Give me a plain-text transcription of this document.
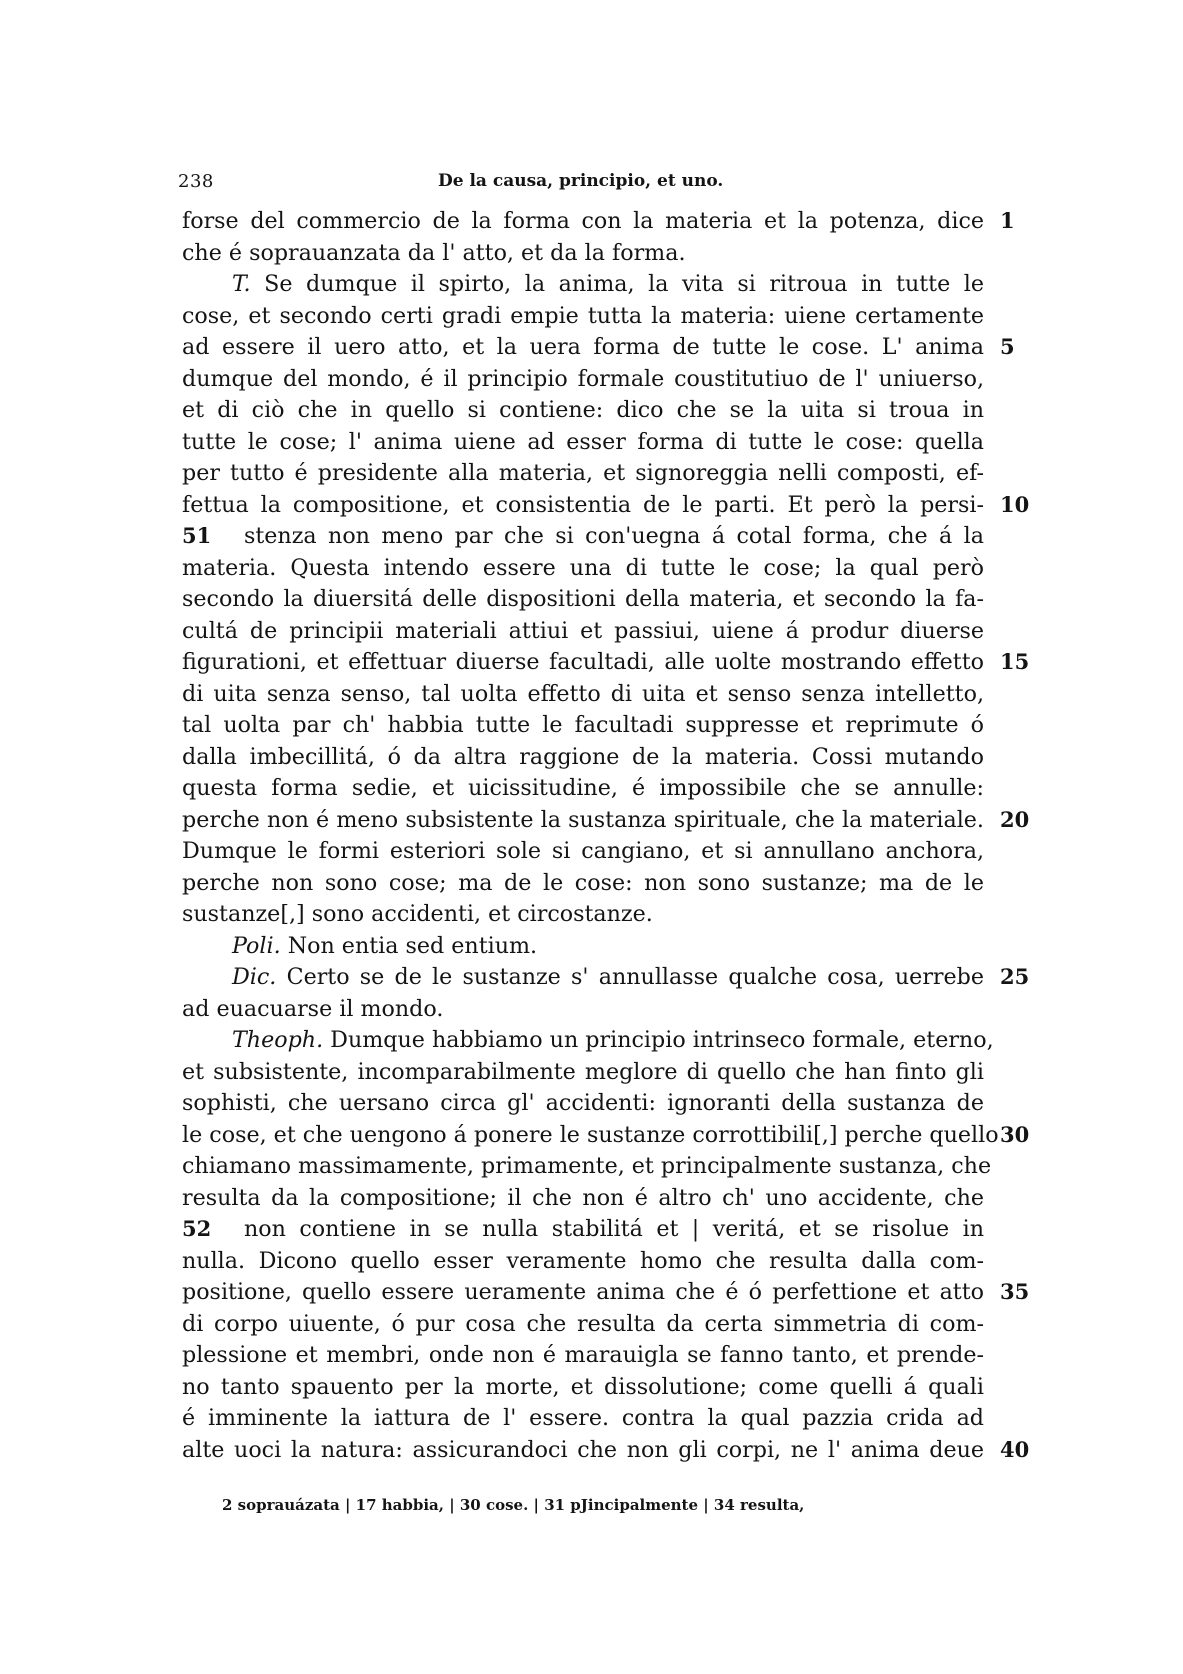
238	De la causa, principio, et uno.
forse del commercio de la forma con la materia et la potenza, dice 1
che é soprauanzata da l' atto, et da la forma.
T. Se dumque il spirto, la anima, la vita si ritroua in tutte le
cose, et secondo certi gradi empie tutta la materia: uiene certamente
ad essere il uero atto, et la uera forma de tutte le cose. L' anima 5
dumque del mondo, é il principio formale coustitutiuo de l' uniuerso,
et di ciò che in quello si contiene: dico che se la uita si troua in
tutte le cose; l' anima uiene ad esser forma di tutte le cose: quella
per tutto é presidente alla materia, et signoreggia nelli composti, ef-
fettua la compositione, et consistentia de le parti. Et però la persi- 10
stenza non meno par che si con'uegna á cotal forma, che á la
51
materia. Questa intendo essere una di tutte le cose; la qual però
secondo la diuersitá delle dispositioni della materia, et secondo la fa-
cultá de principii materiali attiui et passiui, uiene á produr diuerse
figurationi, et effettuar diuerse facultadi, alle uolte mostrando effetto 15
di uita senza senso, tal uolta effetto di uita et senso senza intelletto,
tal uolta par ch' habbia tutte le facultadi suppresse et reprimute ó
dalla imbecillitá, ó da altra raggione de la materia. Cossi mutando
questa forma sedie, et uicissitudine, é impossibile che se annulle:
perche non é meno subsistente la sustanza spirituale, che la materiale. 20
Dumque le formi esteriori sole si cangiano, et si annullano anchora,
perche non sono cose; ma de le cose: non sono sustanze; ma de le
sustanze[,] sono accidenti, et circostanze.
Poli. Non entia sed entium.
Dic. Certo se de le sustanze s' annullasse qualche cosa, uerrebe 25
ad euacuarse il mondo.
Theoph. Dumque habbiamo un principio intrinseco formale, eterno,
et subsistente, incomparabilmente meglore di quello che han finto gli
sophisti, che uersano circa gl' accidenti: ignoranti della sustanza de
le cose, et che uengono á ponere le sustanze corrottibili[,] perche quello 30
chiamano massimamente, primamente, et principalmente sustanza, che
resulta da la compositione; il che non é altro ch' uno accidente, che
non contiene in se nulla stabilitá et | veritá, et se risolue in
52
nulla. Dicono quello esser veramente homo che resulta dalla com-
positione, quello essere ueramente anima che é ó perfettione et atto 35
di corpo uiuente, ó pur cosa che resulta da certa simmetria di com-
plessione et membri, onde non é marauigla se fanno tanto, et prende-
no tanto spauento per la morte, et dissolutione; come quelli á quali
é imminente la iattura de l' essere. contra la qual pazzia crida ad
alte uoci la natura: assicurandoci che non gli corpi, ne l' anima deue 40
2 soprauázata | 17 habbia, | 30 cose. | 31 pJincipalmente | 34 resulta,
